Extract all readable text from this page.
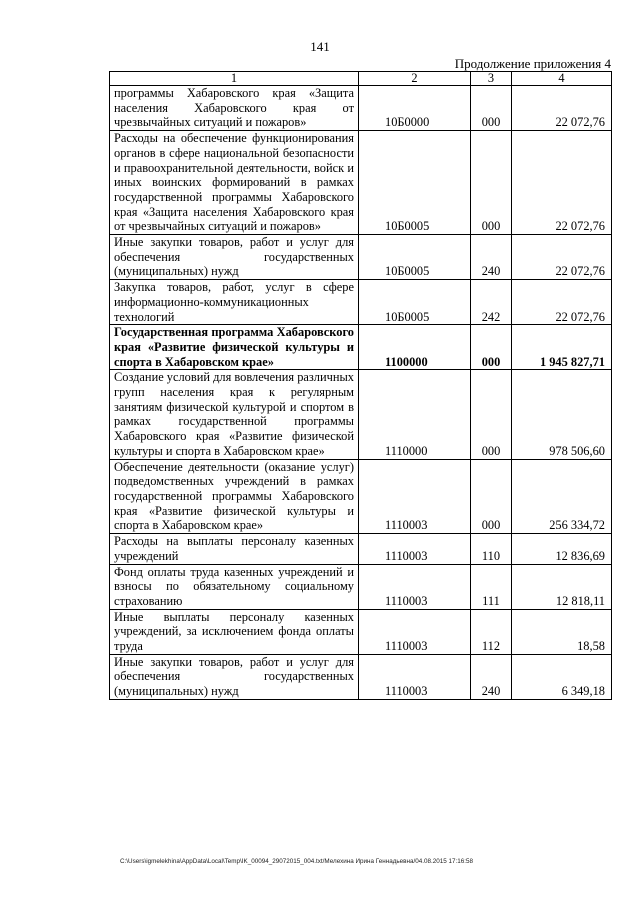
141
Продолжение приложения 4
1	2	3	4
программы Хабаровского края «Защита населения Хабаровского края от чрезвычайных ситуаций и пожаров»	10Б0000	000	22 072,76
Расходы на обеспечение функционирования органов в сфере национальной безопасности и правоохранительной деятельности, войск и иных воинских формирований в рамках государственной программы Хабаровского края «Защита населения Хабаровского края от чрезвычайных ситуаций и пожаров»	10Б0005	000	22 072,76
Иные закупки товаров, работ и услуг для обеспечения государственных (муниципальных) нужд	10Б0005	240	22 072,76
Закупка товаров, работ, услуг в сфере информационно-коммуникационных технологий	10Б0005	242	22 072,76
Государственная программа Хабаровского края «Развитие физической культуры и спорта в Хабаровском крае»	1100000	000	1 945 827,71
Создание условий для вовлечения различных групп населения края к регулярным занятиям физической культурой и спортом в рамках государственной программы Хабаровского края «Развитие физической культуры и спорта в Хабаровском крае»	1110000	000	978 506,60
Обеспечение деятельности (оказание услуг) подведомственных учреждений в рамках государственной программы Хабаровского края «Развитие физической культуры и спорта в Хабаровском крае»	1110003	000	256 334,72
Расходы на выплаты персоналу казенных учреждений	1110003	110	12 836,69
Фонд оплаты труда казенных учреждений и взносы по обязательному социальному страхованию	1110003	111	12 818,11
Иные выплаты персоналу казенных учреждений, за исключением фонда оплаты труда	1110003	112	18,58
Иные закупки товаров, работ и услуг для обеспечения государственных (муниципальных) нужд	1110003	240	6 349,18
C:\Users\igmelekhina\AppData\Local\Temp\IK_00094_29072015_004.txt/Мелехина Ирина Геннадьевна/04.08.2015 17:16:58
